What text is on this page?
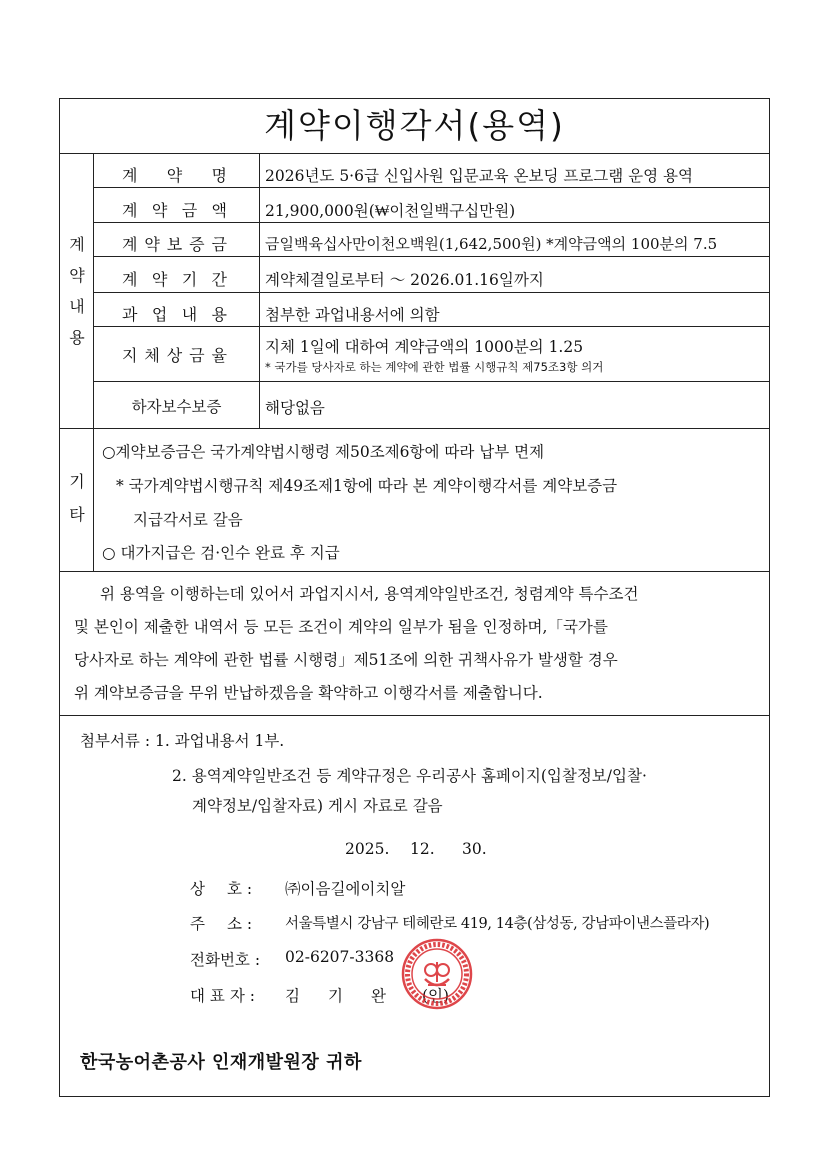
계약이행각서(용역)
계
약
내
용
계 약 명 2026년도 5·6급 신입사원 입문교육 온보딩 프로그램 운영 용역
계 약 금 액 21,900,000원(₩이천일백구십만원)
계 약 보 증 금	금일백육십사만이천오백원(1,642,500원) *계약금액의 100분의 7.5
계 약 기 간 계약체결일로부터 ～ 2026.01.16일까지
과 업 내 용 첨부한 과업내용서에 의함
지 체 상 금 율 지체 1일에 대하여 계약금액의 1000분의 1.25
* 국가를 당사자로 하는 계약에 관한 법률 시행규칙 제75조3항 의거
하자보수보증	해당없음
기
타
○계약보증금은 국가계약법시행령 제50조제6항에 따라 납부 면제
* 국가계약법시행규칙 제49조제1항에 따라 본 계약이행각서를 계약보증금
지급각서로 갈음
○ 대가지급은 검·인수 완료 후 지급

위 용역을 이행하는데 있어서 과업지시서, 용역계약일반조건, 청렴계약 특수조건

및 본인이 제출한 내역서 등 모든 조건이 계약의 일부가 됨을 인정하며,「국가를

당사자로 하는 계약에 관한 법률 시행령」제51조에 의한 귀책사유가 발생할 경우

위 계약보증금을 무위 반납하겠음을 확약하고 이행각서를 제출합니다.

첨부서류 : 1. 과업내용서 1부.
2. 용역계약일반조건 등 계약규정은 우리공사 홈페이지(입찰정보/입찰·
계약정보/입찰자료) 게시 자료로 갈음
2025. 12. 30.
상 호 : ㈜이음길에이치알
주 소 : 서울특별시 강남구 테헤란로 419, 14층(삼성동, 강남파이낸스플라자)
전화번호 : 02-6207-3368
대 표 자 : 김 기 완 (인)
한국농어촌공사 인재개발원장 귀하
